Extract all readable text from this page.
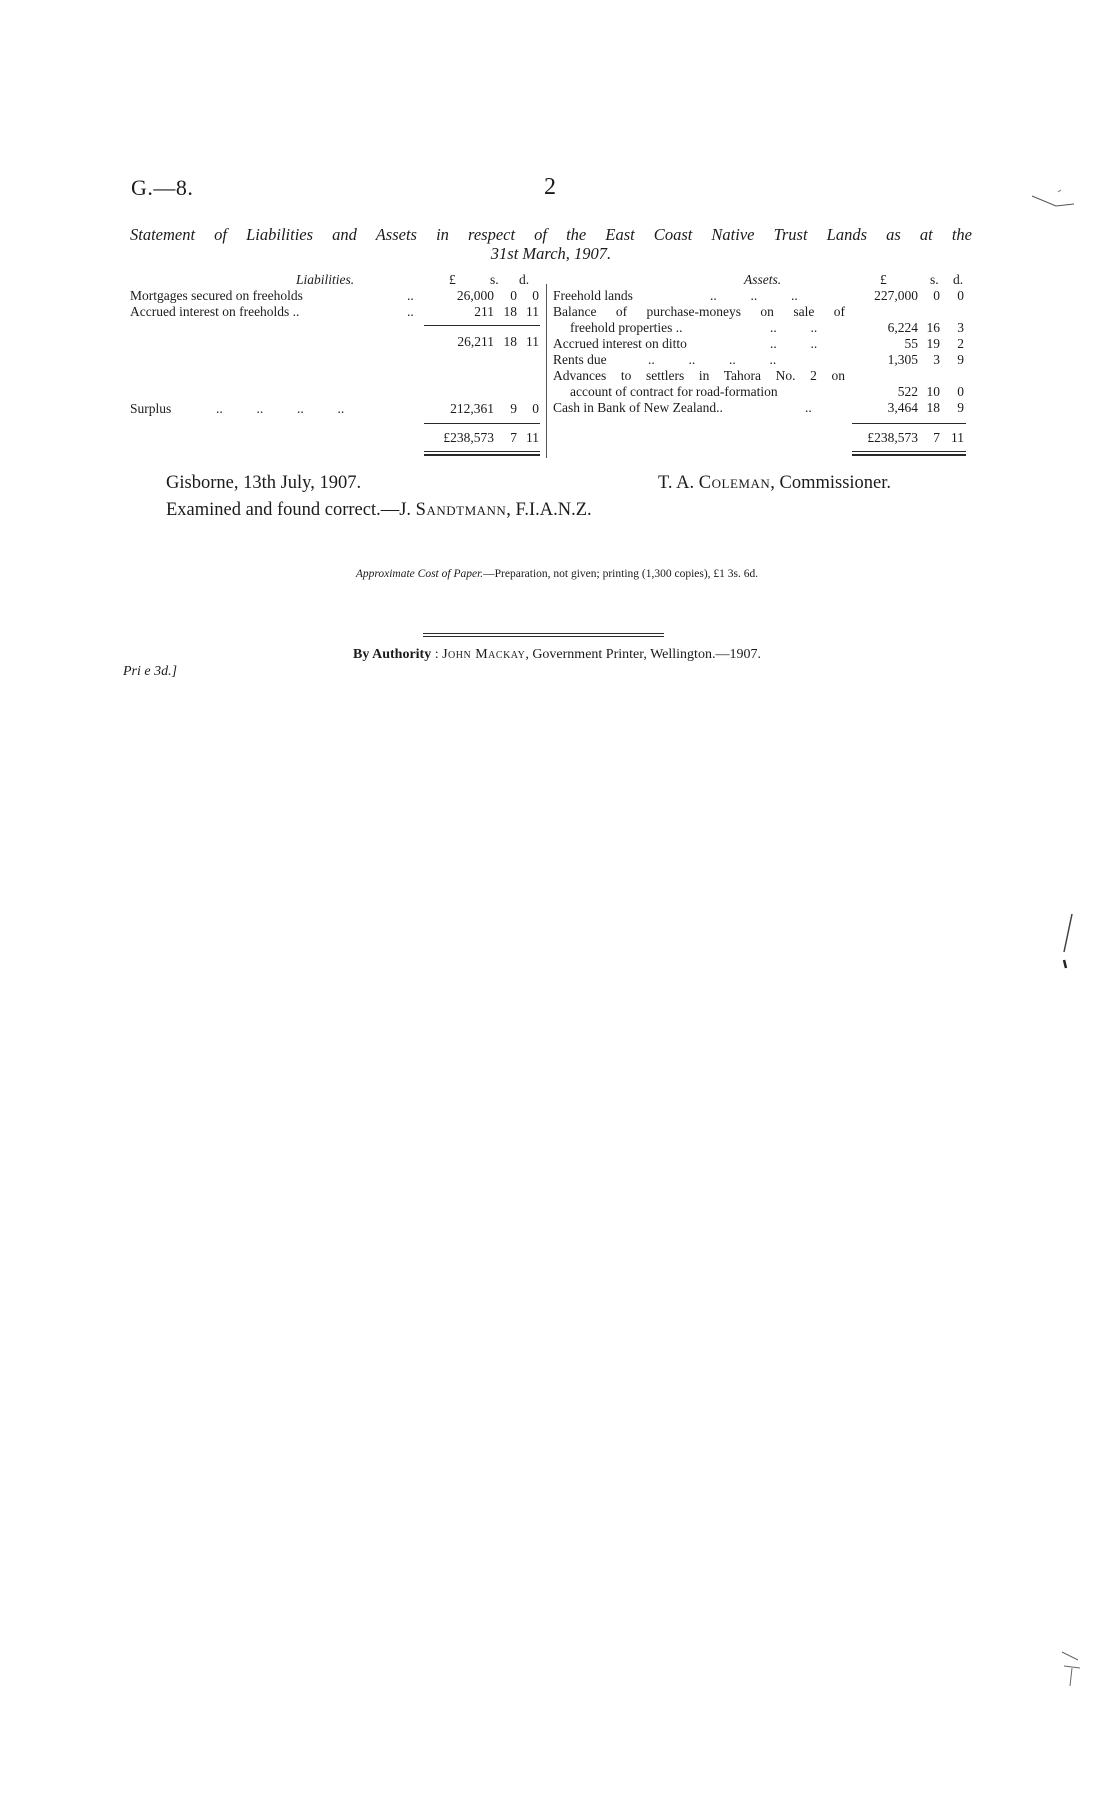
G.—8.	2
Statement of Liabilities and Assets in respect of the East Coast Native Trust Lands as at the
31st March, 1907.
Liabilities.	£	s. d.
Mortgages secured on freeholds	..	26,000	0	0
Accrued interest on freeholds ..	..	211 18 11
26,211 18 11
Surplus	..          ..          ..          ..	212,361	9	0
£238,573	7 11
Assets.	£	s. d.
Freehold lands	..          ..          ..	227,000	0	0
Balance of purchase-moneys on sale of
freehold properties ..	..          ..	6,224 16	3
Accrued interest on ditto	..          ..	55 19	2
Rents due	..          ..          ..          ..	1,305	3	9
Advances to settlers in Tahora No. 2 on
account of contract for road-formation	522 10	0
Cash in Bank of New Zealand..	..	3,464 18	9
£238,573	7 11
Gisborne, 13th July, 1907.	T. A. Coleman, Commissioner.
Examined and found correct.—J. Sandtmann, F.I.A.N.Z.
Approximate Cost of Paper.—Preparation, not given; printing (1,300 copies), £1 3s. 6d.
By Authority : John Mackay, Government Printer, Wellington.—1907.
Pri e 3d.]
